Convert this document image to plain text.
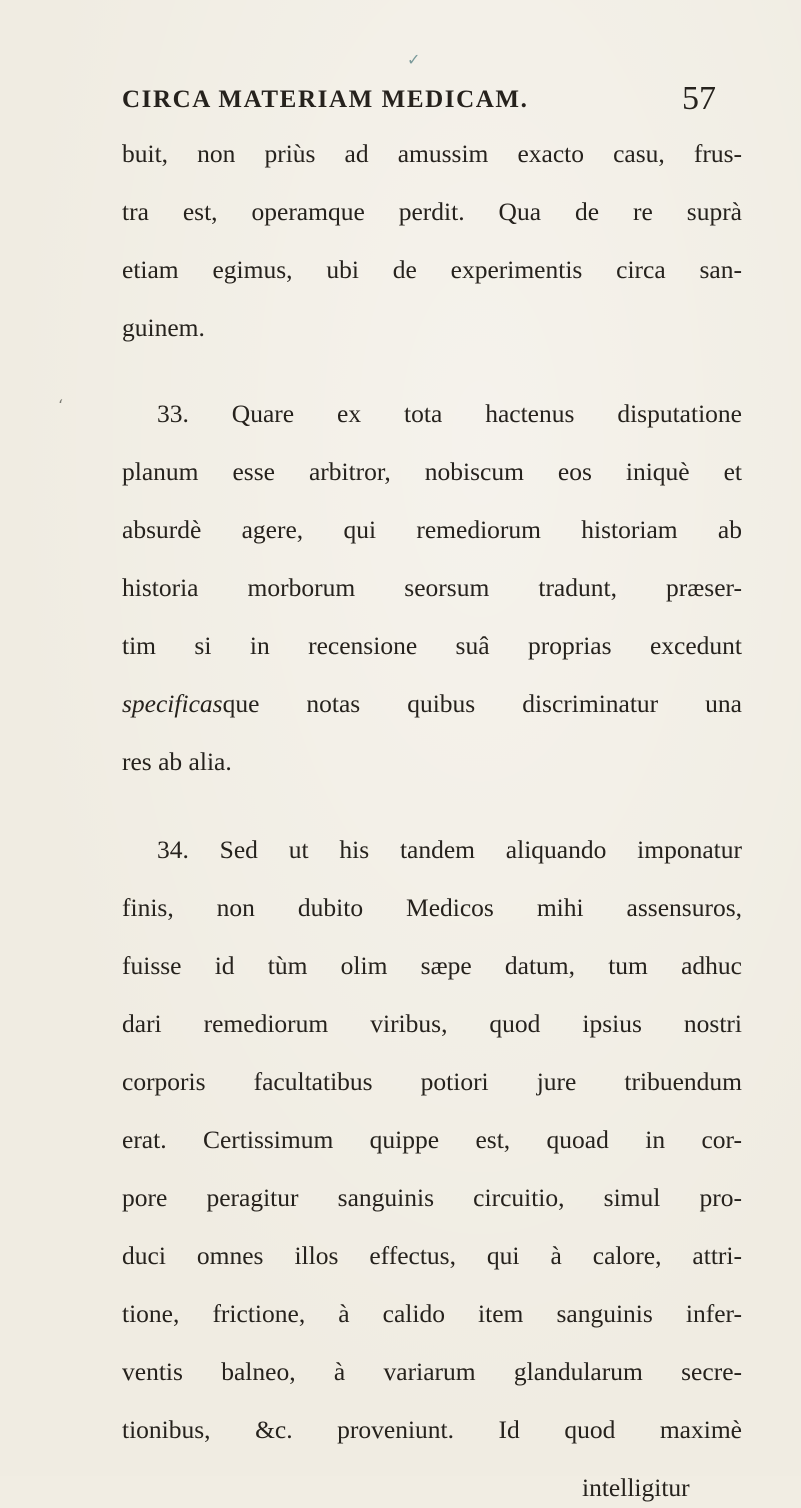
✓
CIRCA MATERIAM MEDICAM.	57
‘
buit, non priùs ad amussim exacto casu, frus-
tra est, operamque perdit. Qua de re suprà
etiam egimus, ubi de experimentis circa san-
guinem.
33. Quare ex tota hactenus disputatione
planum esse arbitror, nobiscum eos iniquè et
absurdè agere, qui remediorum historiam ab
historia morborum seorsum tradunt, præser-
tim si in recensione suâ proprias excedunt
specificasque notas quibus discriminatur una
res ab alia.
34. Sed ut his tandem aliquando imponatur
finis, non dubito Medicos mihi assensuros,
fuisse id tùm olim sæpe datum, tum adhuc
dari remediorum viribus, quod ipsius nostri
corporis facultatibus potiori jure tribuendum
erat. Certissimum quippe est, quoad in cor-
pore peragitur sanguinis circuitio, simul pro-
duci omnes illos effectus, qui à calore, attri-
tione, frictione, à calido item sanguinis infer-
ventis balneo, à variarum glandularum secre-
tionibus, &c. proveniunt. Id quod maximè
intelligitur
